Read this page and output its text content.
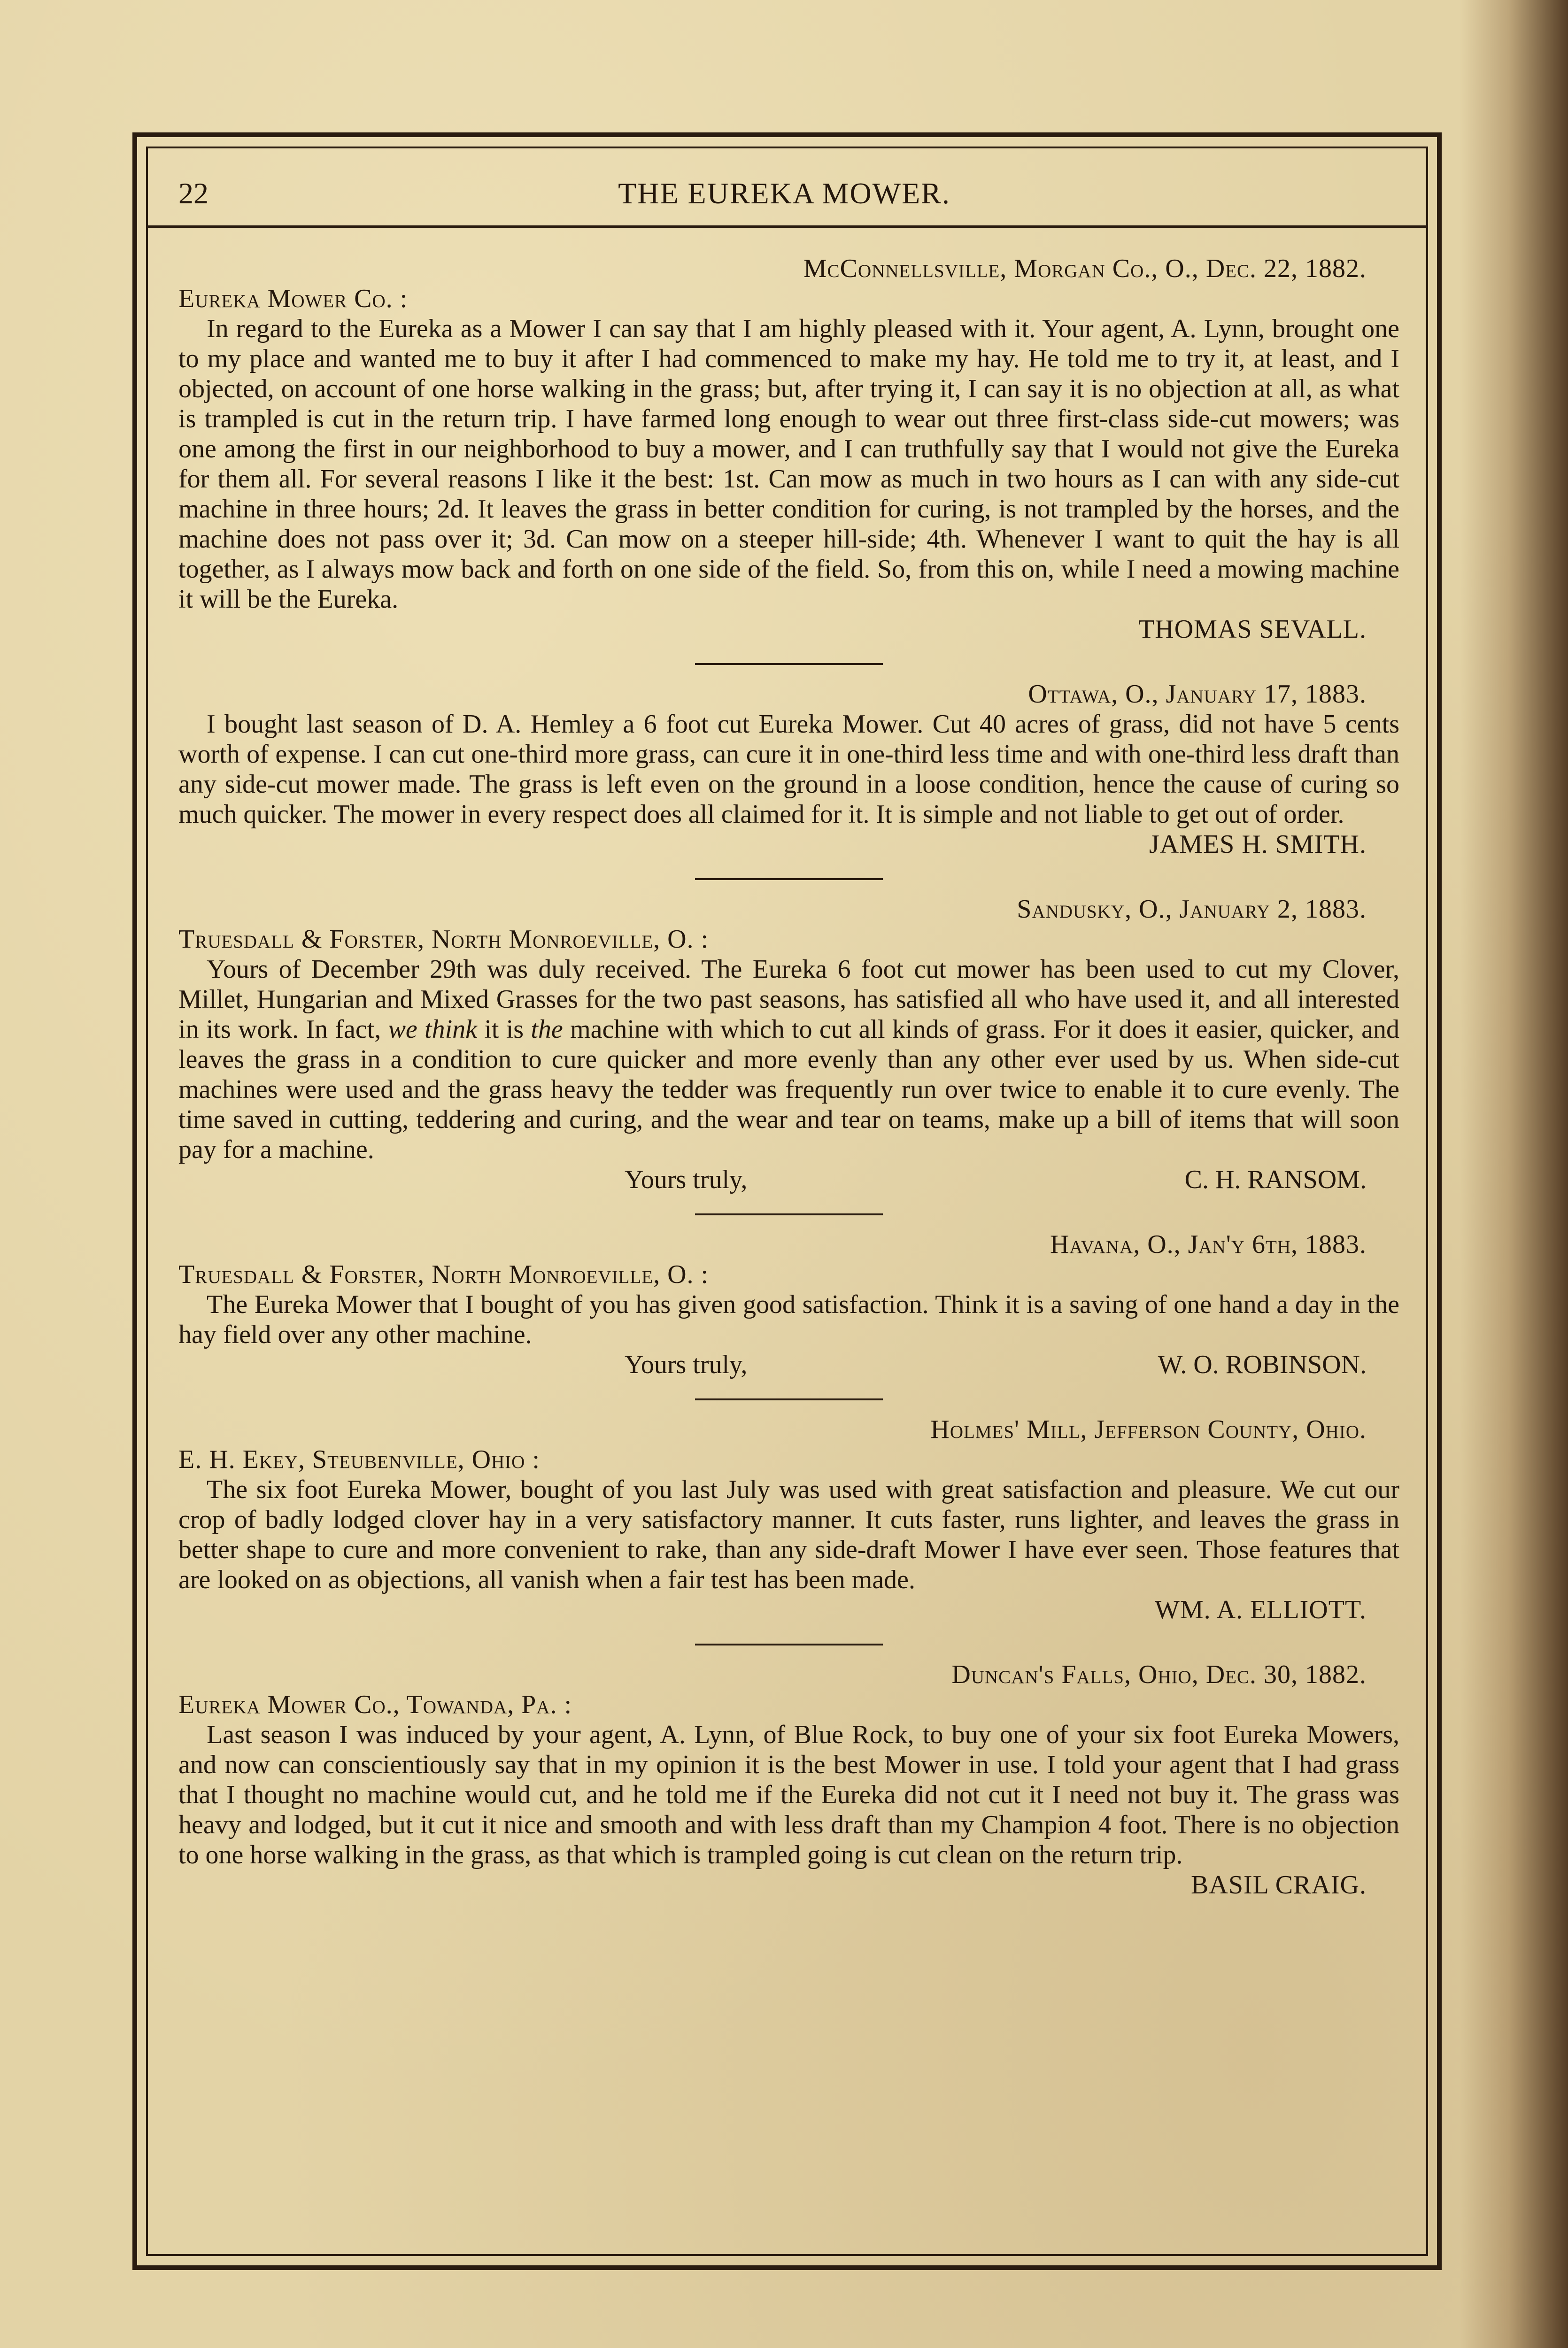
22	THE EUREKA MOWER.
McConnellsville, Morgan Co., O., Dec. 22, 1882.
Eureka Mower Co. :

In regard to the Eureka as a Mower I can say that I am highly pleased with it. Your agent, A. Lynn, brought one to my place and wanted me to buy it after I had commenced to make my hay. He told me to try it, at least, and I objected, on account of one horse walking in the grass; but, after trying it, I can say it is no objection at all, as what is trampled is cut in the return trip. I have farmed long enough to wear out three first-class side-cut mowers; was one among the first in our neighborhood to buy a mower, and I can truthfully say that I would not give the Eureka for them all. For several reasons I like it the best: 1st. Can mow as much in two hours as I can with any side-cut machine in three hours; 2d. It leaves the grass in better condition for curing, is not trampled by the horses, and the machine does not pass over it; 3d. Can mow on a steeper hill-side; 4th. Whenever I want to quit the hay is all together, as I always mow back and forth on one side of the field. So, from this on, while I need a mowing machine it will be the Eureka.

THOMAS SEVALL.
Ottawa, O., January 17, 1883.

I bought last season of D. A. Hemley a 6 foot cut Eureka Mower. Cut 40 acres of grass, did not have 5 cents worth of expense. I can cut one-third more grass, can cure it in one-third less time and with one-third less draft than any side-cut mower made. The grass is left even on the ground in a loose condition, hence the cause of curing so much quicker. The mower in every respect does all claimed for it. It is simple and not liable to get out of order.

JAMES H. SMITH.
Sandusky, O., January 2, 1883.
Truesdall & Forster, North Monroeville, O. :

Yours of December 29th was duly received. The Eureka 6 foot cut mower has been used to cut my Clover, Millet, Hungarian and Mixed Grasses for the two past seasons, has satisfied all who have used it, and all interested in its work. In fact, we think it is the machine with which to cut all kinds of grass. For it does it easier, quicker, and leaves the grass in a condition to cure quicker and more evenly than any other ever used by us. When side-cut machines were used and the grass heavy the tedder was frequently run over twice to enable it to cure evenly. The time saved in cutting, teddering and curing, and the wear and tear on teams, make up a bill of items that will soon pay for a machine.

Yours truly,	C. H. RANSOM.
Havana, O., Jan'y 6th, 1883.
Truesdall & Forster, North Monroeville, O. :

The Eureka Mower that I bought of you has given good satisfaction. Think it is a saving of one hand a day in the hay field over any other machine.

Yours truly,	W. O. ROBINSON.
Holmes' Mill, Jefferson County, Ohio.
E. H. Ekey, Steubenville, Ohio :

The six foot Eureka Mower, bought of you last July was used with great satisfaction and pleasure. We cut our crop of badly lodged clover hay in a very satisfactory manner. It cuts faster, runs lighter, and leaves the grass in better shape to cure and more convenient to rake, than any side-draft Mower I have ever seen. Those features that are looked on as objections, all vanish when a fair test has been made.

WM. A. ELLIOTT.
Duncan's Falls, Ohio, Dec. 30, 1882.
Eureka Mower Co., Towanda, Pa. :

Last season I was induced by your agent, A. Lynn, of Blue Rock, to buy one of your six foot Eureka Mowers, and now can conscientiously say that in my opinion it is the best Mower in use. I told your agent that I had grass that I thought no machine would cut, and he told me if the Eureka did not cut it I need not buy it. The grass was heavy and lodged, but it cut it nice and smooth and with less draft than my Champion 4 foot. There is no objection to one horse walking in the grass, as that which is trampled going is cut clean on the return trip.

BASIL CRAIG.
